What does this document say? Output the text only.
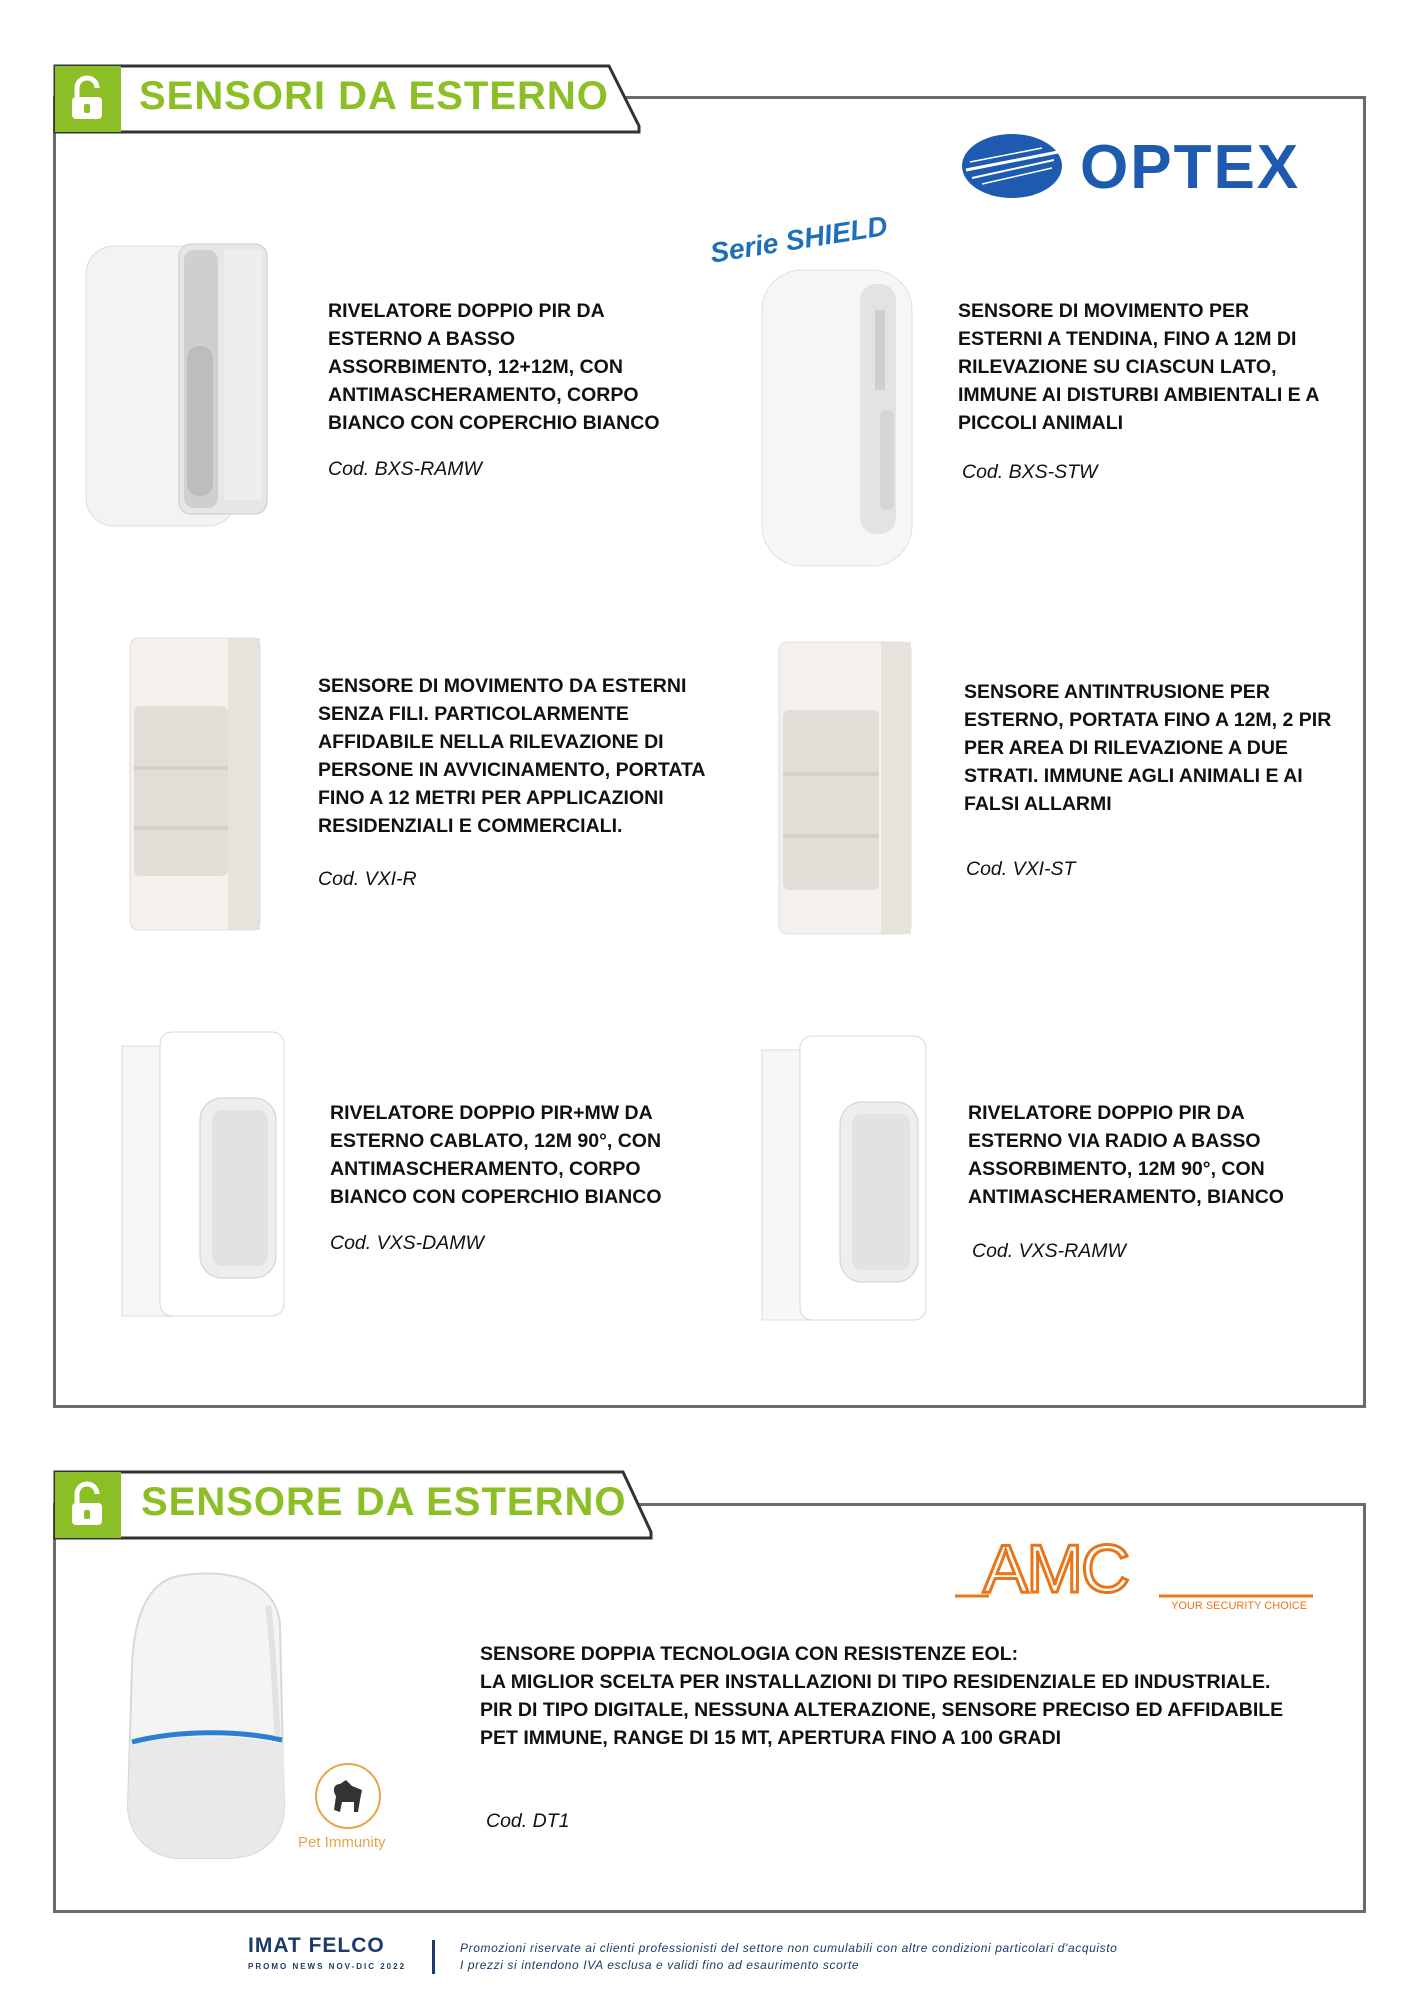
SENSORI DA ESTERNO
OPTEX
Serie SHIELD
RIVELATORE DOPPIO PIR DA ESTERNO A BASSO ASSORBIMENTO, 12+12M, CON ANTIMASCHERAMENTO, CORPO BIANCO CON COPERCHIO BIANCO
Cod. BXS-RAMW
SENSORE DI MOVIMENTO PER ESTERNI A TENDINA, FINO A 12M DI RILEVAZIONE SU CIASCUN LATO, IMMUNE AI DISTURBI AMBIENTALI E A PICCOLI ANIMALI
Cod. BXS-STW
SENSORE DI MOVIMENTO DA ESTERNI SENZA FILI. PARTICOLARMENTE AFFIDABILE NELLA RILEVAZIONE DI PERSONE IN AVVICINAMENTO, PORTATA FINO A 12 METRI PER APPLICAZIONI RESIDENZIALI E COMMERCIALI.
Cod. VXI-R
SENSORE ANTINTRUSIONE PER ESTERNO, PORTATA FINO A 12M, 2 PIR PER AREA DI RILEVAZIONE A DUE STRATI. IMMUNE AGLI ANIMALI E AI FALSI ALLARMI
Cod. VXI-ST
RIVELATORE DOPPIO PIR+MW DA ESTERNO CABLATO, 12M 90°, CON ANTIMASCHERAMENTO, CORPO BIANCO CON COPERCHIO BIANCO
Cod. VXS-DAMW
RIVELATORE DOPPIO PIR DA ESTERNO VIA RADIO A BASSO ASSORBIMENTO, 12M 90°, CON ANTIMASCHERAMENTO, BIANCO
Cod. VXS-RAMW
SENSORE DA ESTERNO
AMC	YOUR SECURITY CHOICE
Pet Immunity
SENSORE DOPPIA TECNOLOGIA CON RESISTENZE EOL:
LA MIGLIOR SCELTA PER INSTALLAZIONI DI TIPO RESIDENZIALE ED INDUSTRIALE.
PIR DI TIPO DIGITALE, NESSUNA ALTERAZIONE, SENSORE PRECISO ED AFFIDABILE
PET IMMUNE, RANGE DI 15 MT, APERTURA FINO A 100 GRADI
Cod. DT1
IMAT FELCO
PROMO NEWS NOV-DIC 2022
Promozioni riservate ai clienti professionisti del settore non cumulabili con altre condizioni particolari d'acquisto
I prezzi si intendono IVA esclusa e validi fino ad esaurimento scorte
